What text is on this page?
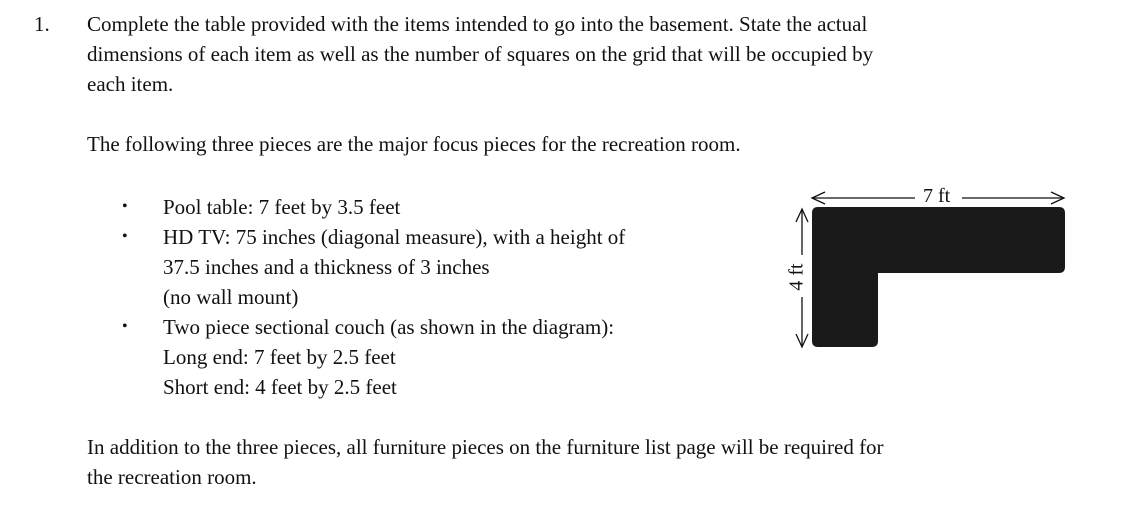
1. Complete the table provided with the items intended to go into the basement. State the actual
dimensions of each item as well as the number of squares on the grid that will be occupied by
each item.
The following three pieces are the major focus pieces for the recreation room.
• Pool table: 7 feet by 3.5 feet
• HD TV: 75 inches (diagonal measure), with a height of
37.5 inches and a thickness of 3 inches
(no wall mount)
• Two piece sectional couch (as shown in the diagram):
Long end: 7 feet by 2.5 feet
Short end: 4 feet by 2.5 feet
7 ft
4 ft
In addition to the three pieces, all furniture pieces on the furniture list page will be required for
the recreation room.
